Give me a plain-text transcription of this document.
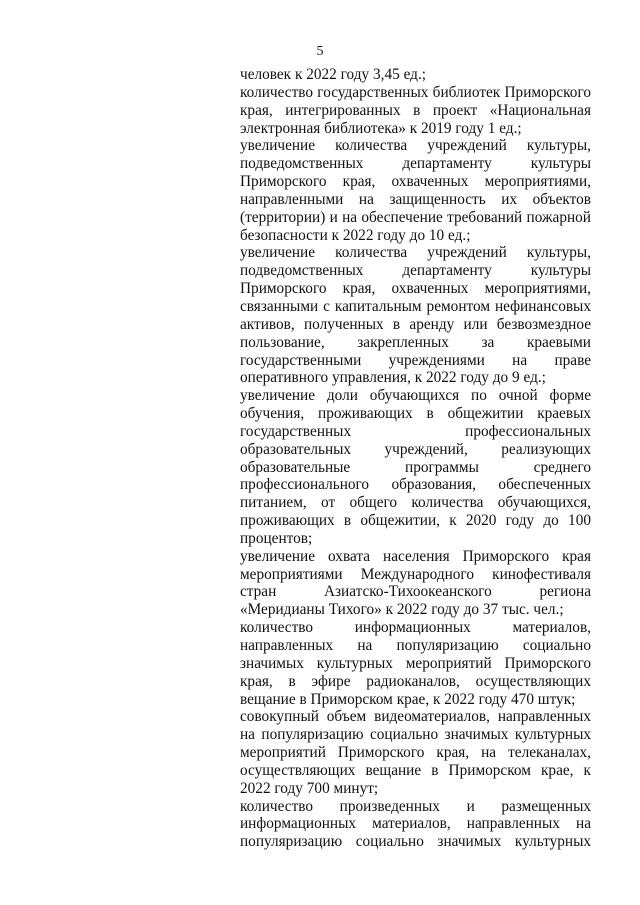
5
человек к 2022 году 3,45 ед.;
количество государственных библиотек Приморского
края, интегрированных в проект «Национальная
электронная библиотека» к 2019 году 1 ед.;
увеличение количества учреждений культуры,
подведомственных департаменту культуры
Приморского края, охваченных мероприятиями,
направленными на защищенность их объектов
(территории) и на обеспечение требований пожарной
безопасности к 2022 году до 10 ед.;
увеличение количества учреждений культуры,
подведомственных департаменту культуры
Приморского края, охваченных мероприятиями,
связанными с капитальным ремонтом нефинансовых
активов, полученных в аренду или безвозмездное
пользование, закрепленных за краевыми
государственными учреждениями на праве
оперативного управления, к 2022 году до 9 ед.;
увеличение доли обучающихся по очной форме
обучения, проживающих в общежитии краевых
государственных профессиональных
образовательных учреждений, реализующих
образовательные программы среднего
профессионального образования, обеспеченных
питанием, от общего количества обучающихся,
проживающих в общежитии, к 2020 году до 100
процентов;
увеличение охвата населения Приморского края
мероприятиями Международного кинофестиваля
стран Азиатско-Тихоокеанского региона
«Меридианы Тихого» к 2022 году до 37 тыс. чел.;
количество информационных материалов,
направленных на популяризацию социально
значимых культурных мероприятий Приморского
края, в эфире радиоканалов, осуществляющих
вещание в Приморском крае, к 2022 году 470 штук;
совокупный объем видеоматериалов, направленных
на популяризацию социально значимых культурных
мероприятий Приморского края, на телеканалах,
осуществляющих вещание в Приморском крае, к
2022 году 700 минут;
количество произведенных и размещенных
информационных материалов, направленных на
популяризацию социально значимых культурных
